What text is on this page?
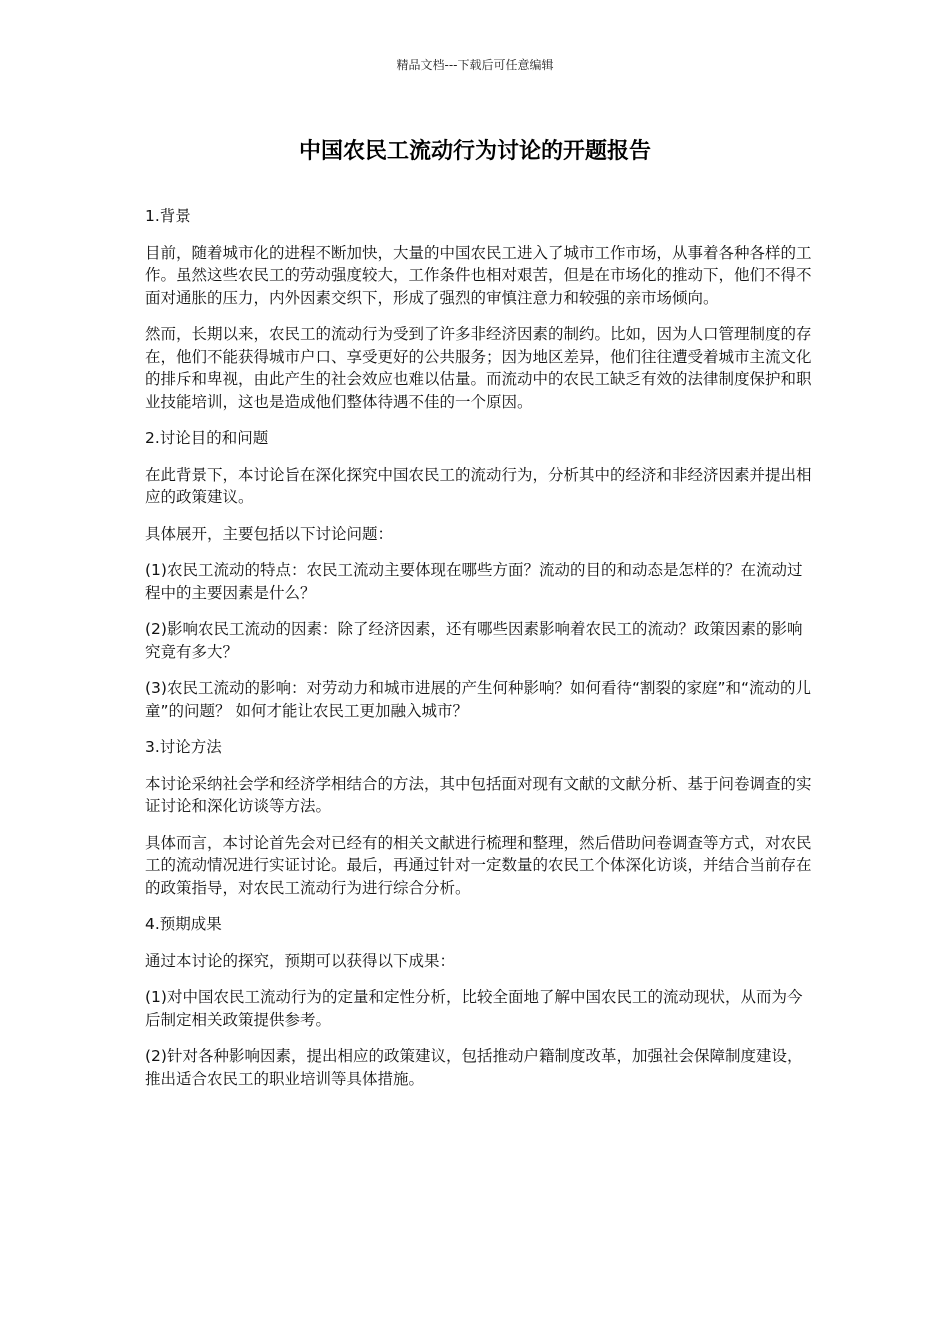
精品文档---下载后可任意编辑
中国农民工流动行为讨论的开题报告

1.背景

目前，随着城市化的进程不断加快，大量的中国农民工进入了城市工作市场，从事着各种各样的工作。虽然这些农民工的劳动强度较大，工作条件也相对艰苦，但是在市场化的推动下，他们不得不面对通胀的压力，内外因素交织下，形成了强烈的审慎注意力和较强的亲市场倾向。

然而，长期以来，农民工的流动行为受到了许多非经济因素的制约。比如，因为人口管理制度的存在，他们不能获得城市户口、享受更好的公共服务；因为地区差异，他们往往遭受着城市主流文化的排斥和卑视，由此产生的社会效应也难以估量。而流动中的农民工缺乏有效的法律制度保护和职业技能培训，这也是造成他们整体待遇不佳的一个原因。

2.讨论目的和问题

在此背景下，本讨论旨在深化探究中国农民工的流动行为，分析其中的经济和非经济因素并提出相应的政策建议。

具体展开，主要包括以下讨论问题：

(1)农民工流动的特点：农民工流动主要体现在哪些方面？流动的目的和动态是怎样的？在流动过程中的主要因素是什么？

(2)影响农民工流动的因素：除了经济因素，还有哪些因素影响着农民工的流动？政策因素的影响究竟有多大？

(3)农民工流动的影响：对劳动力和城市进展的产生何种影响？如何看待“割裂的家庭”和“流动的儿童”的问题？ 如何才能让农民工更加融入城市？

3.讨论方法

本讨论采纳社会学和经济学相结合的方法，其中包括面对现有文献的文献分析、基于问卷调查的实证讨论和深化访谈等方法。

具体而言，本讨论首先会对已经有的相关文献进行梳理和整理，然后借助问卷调查等方式，对农民工的流动情况进行实证讨论。最后，再通过针对一定数量的农民工个体深化访谈，并结合当前存在的政策指导，对农民工流动行为进行综合分析。

4.预期成果

通过本讨论的探究，预期可以获得以下成果：

(1)对中国农民工流动行为的定量和定性分析，比较全面地了解中国农民工的流动现状，从而为今后制定相关政策提供参考。

(2)针对各种影响因素，提出相应的政策建议，包括推动户籍制度改革，加强社会保障制度建设，推出适合农民工的职业培训等具体措施。
